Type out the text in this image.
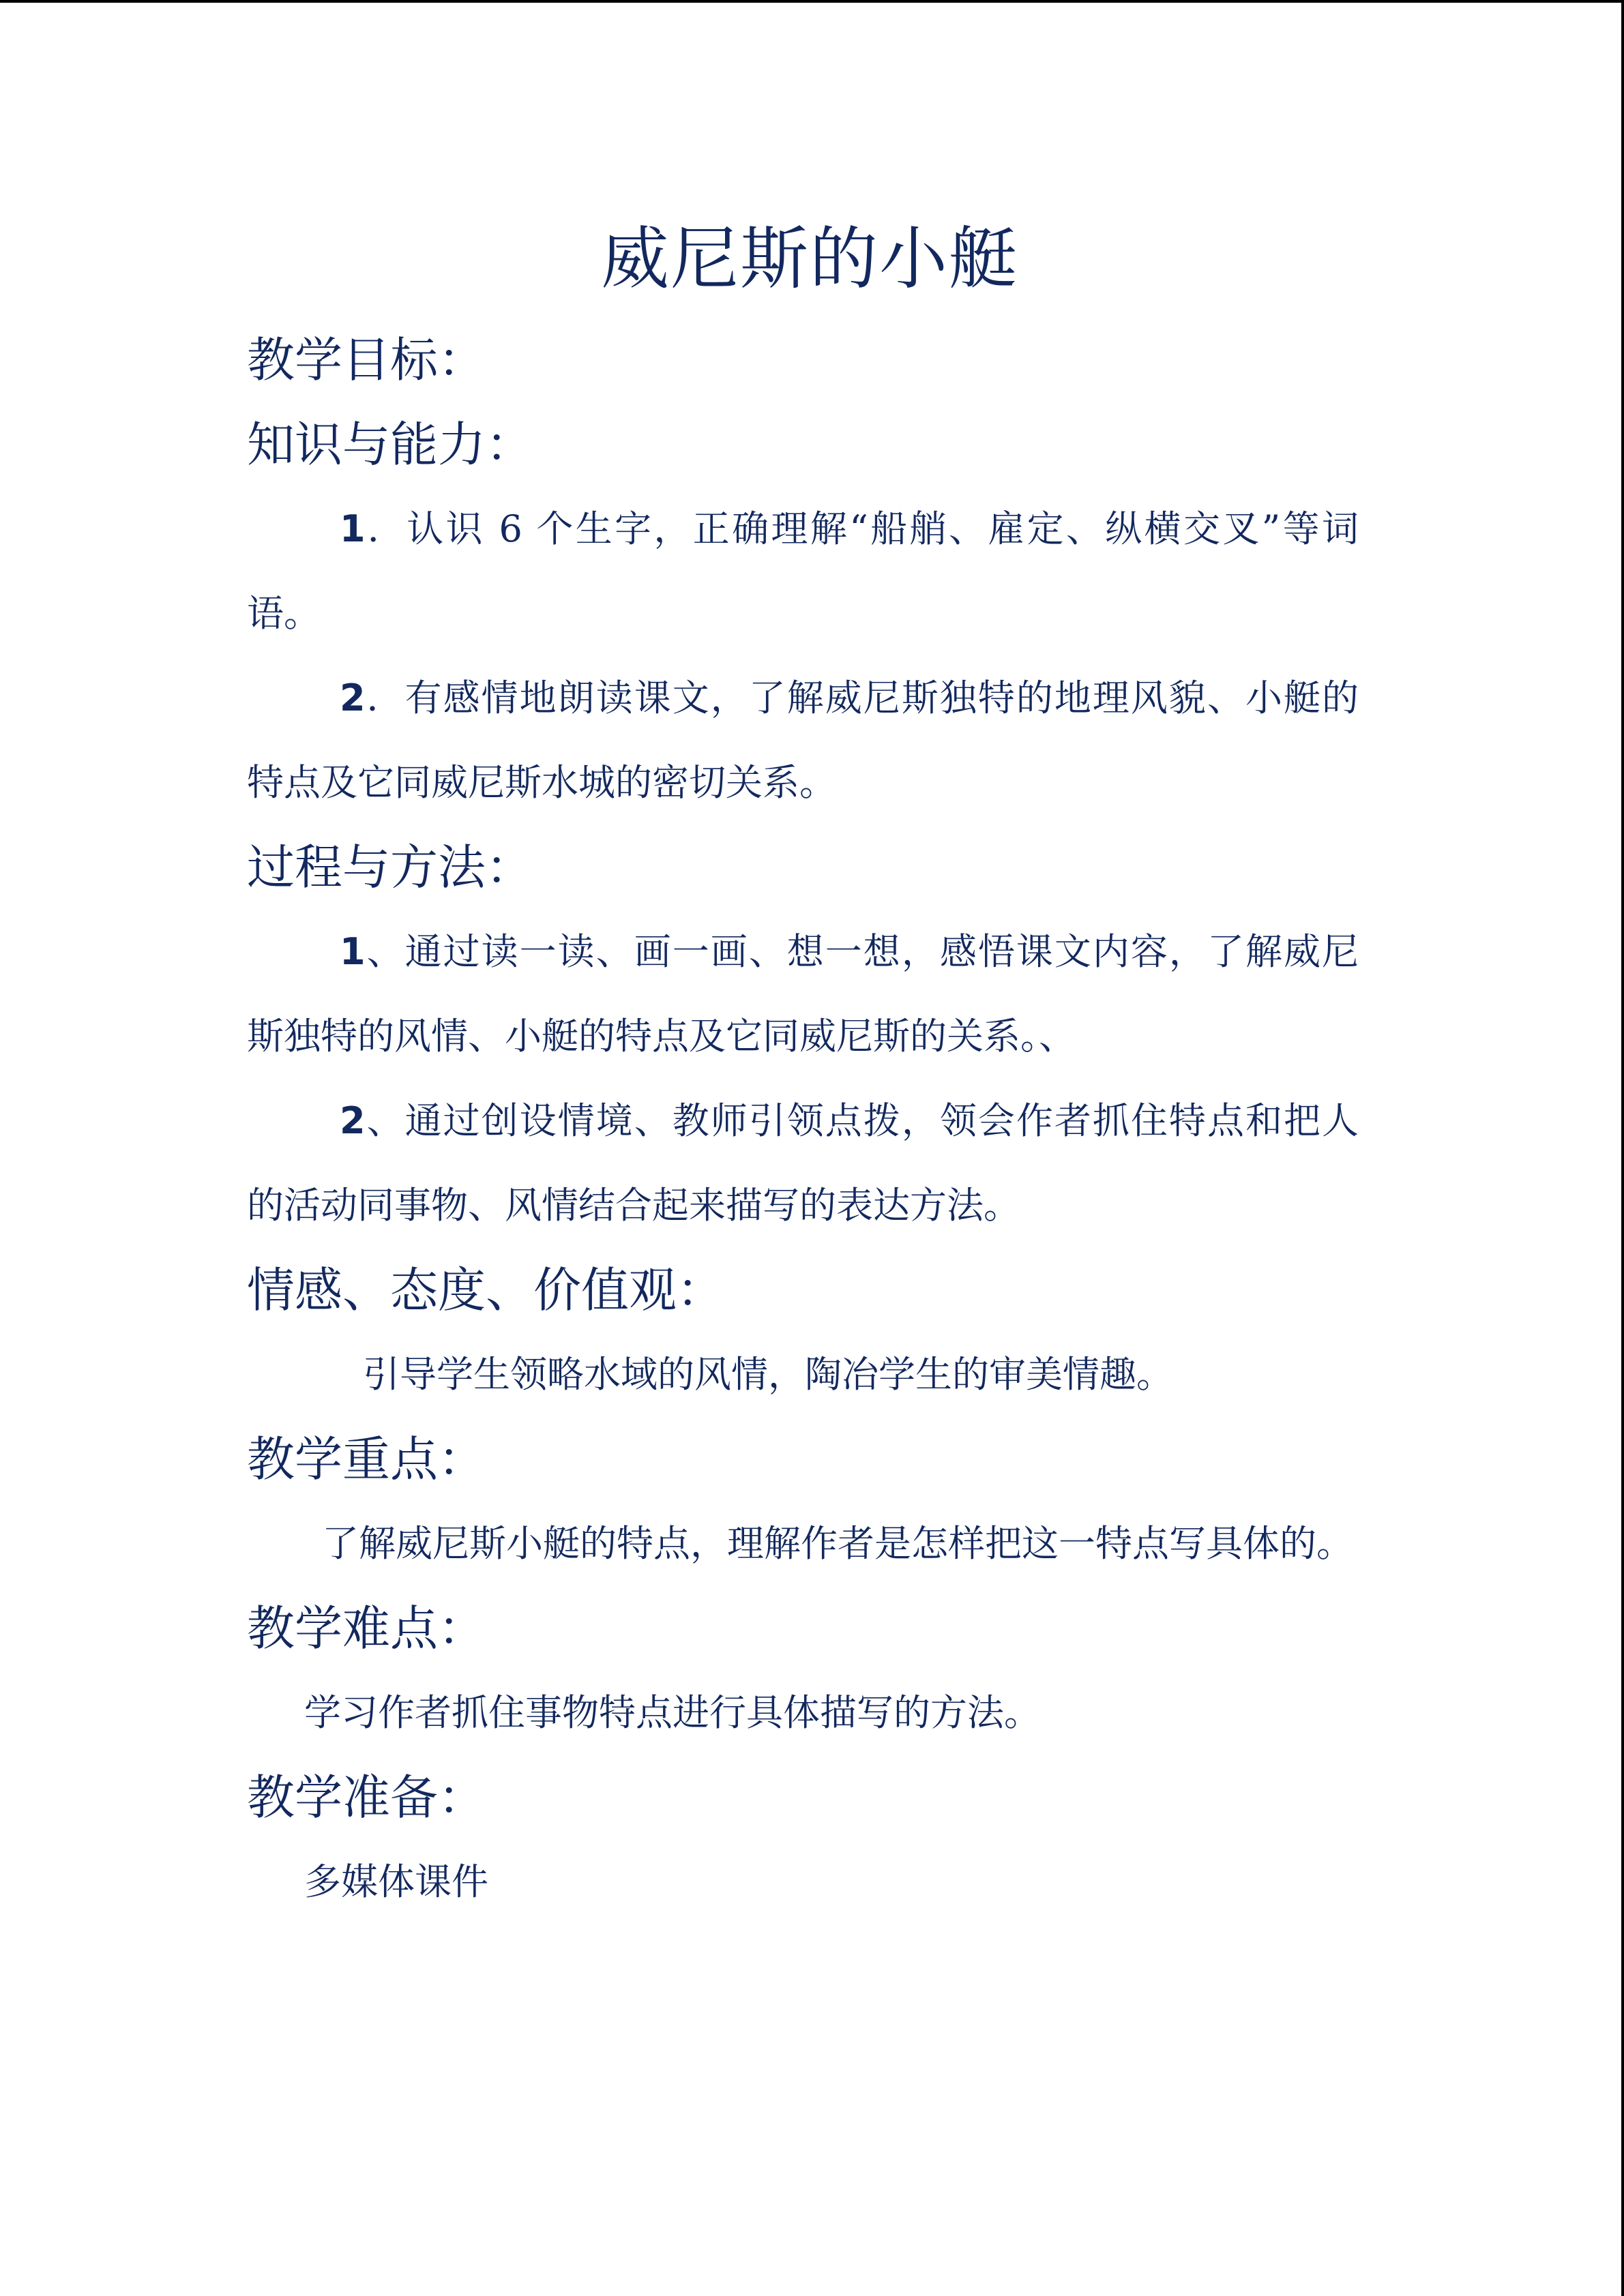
威尼斯的小艇
教学目标：
知识与能力：

1．认识 6 个生字，正确理解“船艄、雇定、纵横交叉”等词语。

2．有感情地朗读课文，了解威尼斯独特的地理风貌、小艇的特点及它同威尼斯水城的密切关系。

过程与方法：

1、通过读一读、画一画、想一想，感悟课文内容，了解威尼斯独特的风情、小艇的特点及它同威尼斯的关系。、

2、通过创设情境、教师引领点拨，领会作者抓住特点和把人的活动同事物、风情结合起来描写的表达方法。

情感、态度、价值观：

引导学生领略水域的风情，陶冶学生的审美情趣。

教学重点：

了解威尼斯小艇的特点，理解作者是怎样把这一特点写具体的。

教学难点：

学习作者抓住事物特点进行具体描写的方法。

教学准备：

多媒体课件
